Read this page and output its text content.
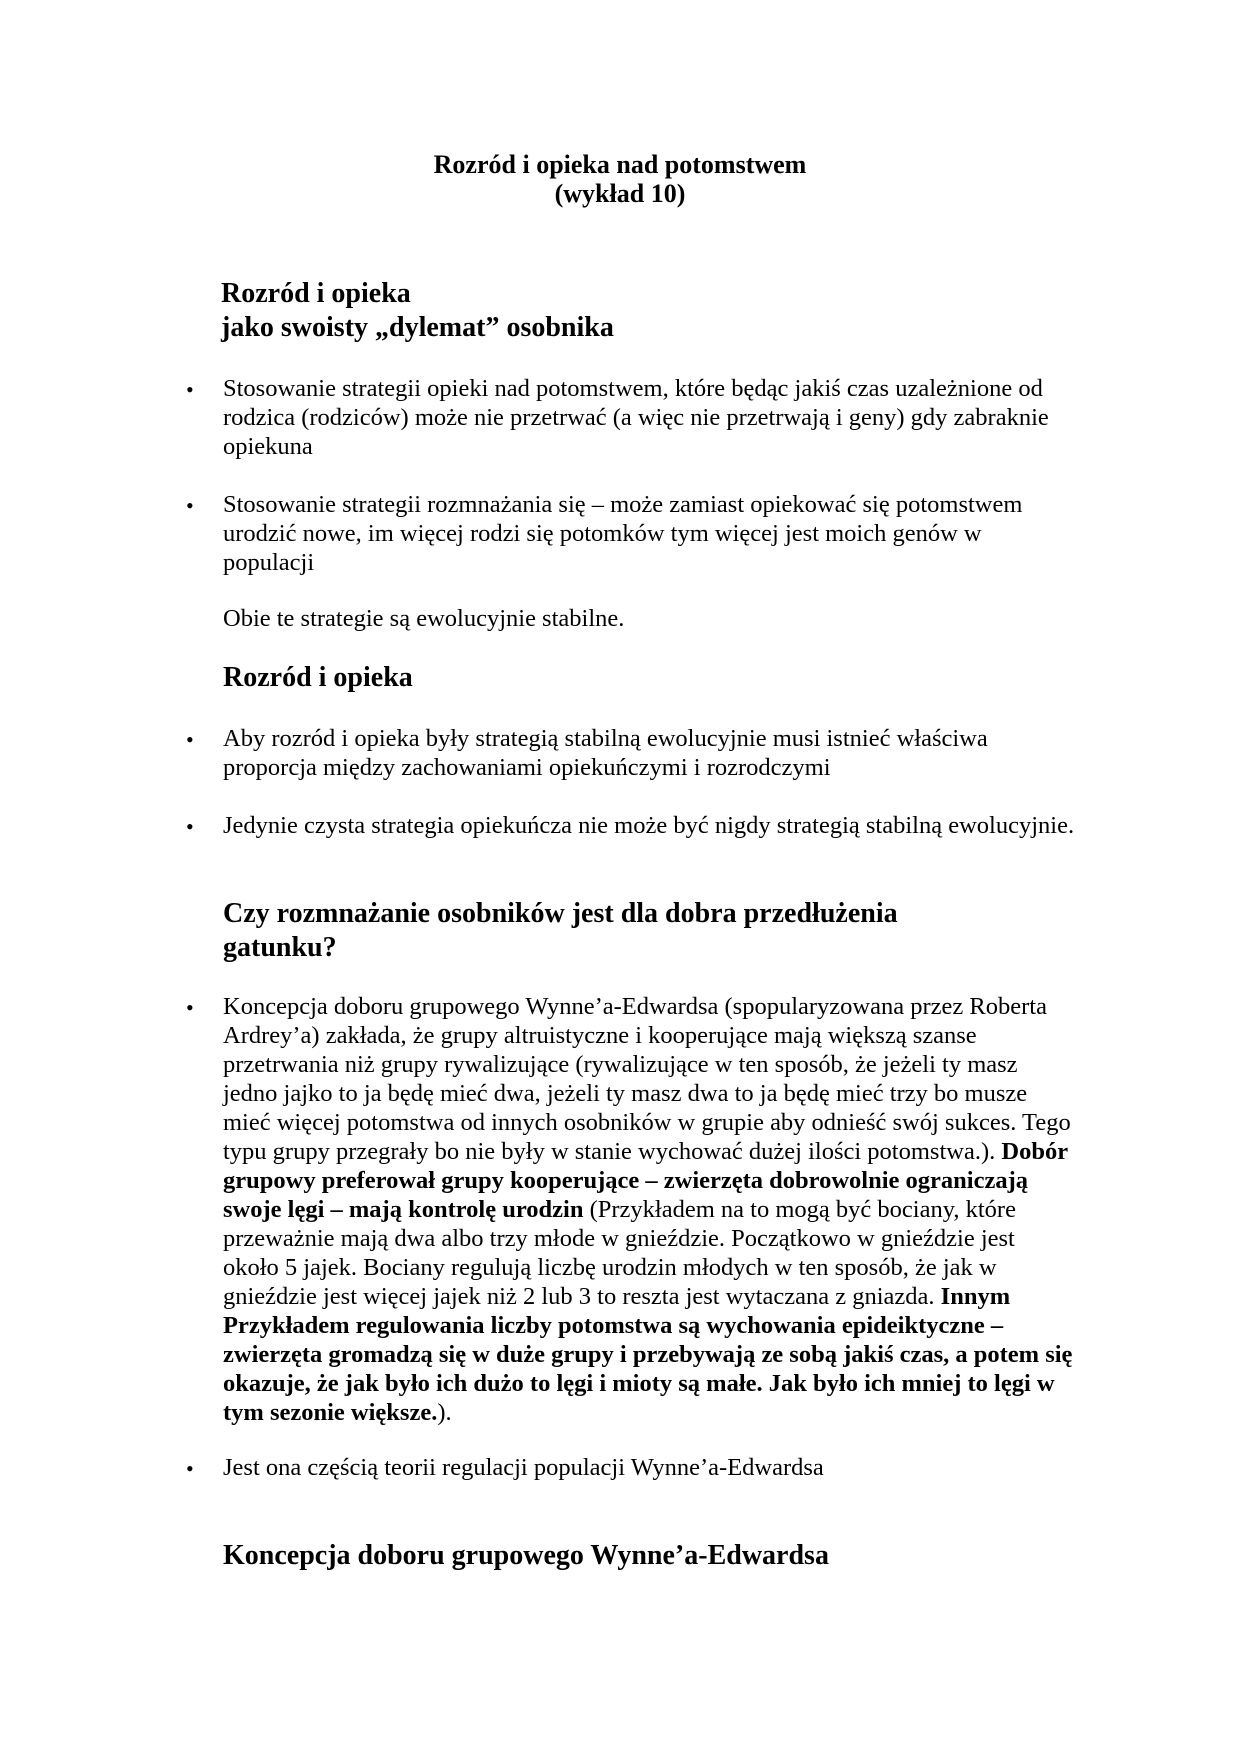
Rozród i opieka nad potomstwem
(wykład 10)
Rozród i opieka
jako swoisty „dylemat” osobnika
Rozród i opieka
Czy rozmnażanie osobników jest dla dobra przedłużenia
gatunku?
Koncepcja doboru grupowego Wynne’a-Edwardsa
• Stosowanie strategii opieki nad potomstwem, które będąc jakiś czas uzależnione od
rodzica (rodziców) może nie przetrwać (a więc nie przetrwają i geny) gdy zabraknie
opiekuna
• Stosowanie strategii rozmnażania się – może zamiast opiekować się potomstwem
urodzić nowe, im więcej rodzi się potomków tym więcej jest moich genów w
populacji
Obie te strategie są ewolucyjnie stabilne.
• Aby rozród i opieka były strategią stabilną ewolucyjnie musi istnieć właściwa
proporcja między zachowaniami opiekuńczymi i rozrodczymi
• Jedynie czysta strategia opiekuńcza nie może być nigdy strategią stabilną ewolucyjnie.
• Koncepcja doboru grupowego Wynne’a-Edwardsa (spopularyzowana przez Roberta
Ardrey’a) zakłada, że grupy altruistyczne i kooperujące mają większą szanse
przetrwania niż grupy rywalizujące (rywalizujące w ten sposób, że jeżeli ty masz
jedno jajko to ja będę mieć dwa, jeżeli ty masz dwa to ja będę mieć trzy bo musze
mieć więcej potomstwa od innych osobników w grupie aby odnieść swój sukces. Tego
typu grupy przegrały bo nie były w stanie wychować dużej ilości potomstwa.). Dobór
grupowy preferował grupy kooperujące – zwierzęta dobrowolnie ograniczają
swoje lęgi – mają kontrolę urodzin (Przykładem na to mogą być bociany, które
przeważnie mają dwa albo trzy młode w gnieździe. Początkowo w gnieździe jest
około 5 jajek. Bociany regulują liczbę urodzin młodych w ten sposób, że jak w
gnieździe jest więcej jajek niż 2 lub 3 to reszta jest wytaczana z gniazda. Innym
Przykładem regulowania liczby potomstwa są wychowania epideiktyczne –
zwierzęta gromadzą się w duże grupy i przebywają ze sobą jakiś czas, a potem się
okazuje, że jak było ich dużo to lęgi i mioty są małe. Jak było ich mniej to lęgi w
tym sezonie większe.).
• Jest ona częścią teorii regulacji populacji Wynne’a-Edwardsa
